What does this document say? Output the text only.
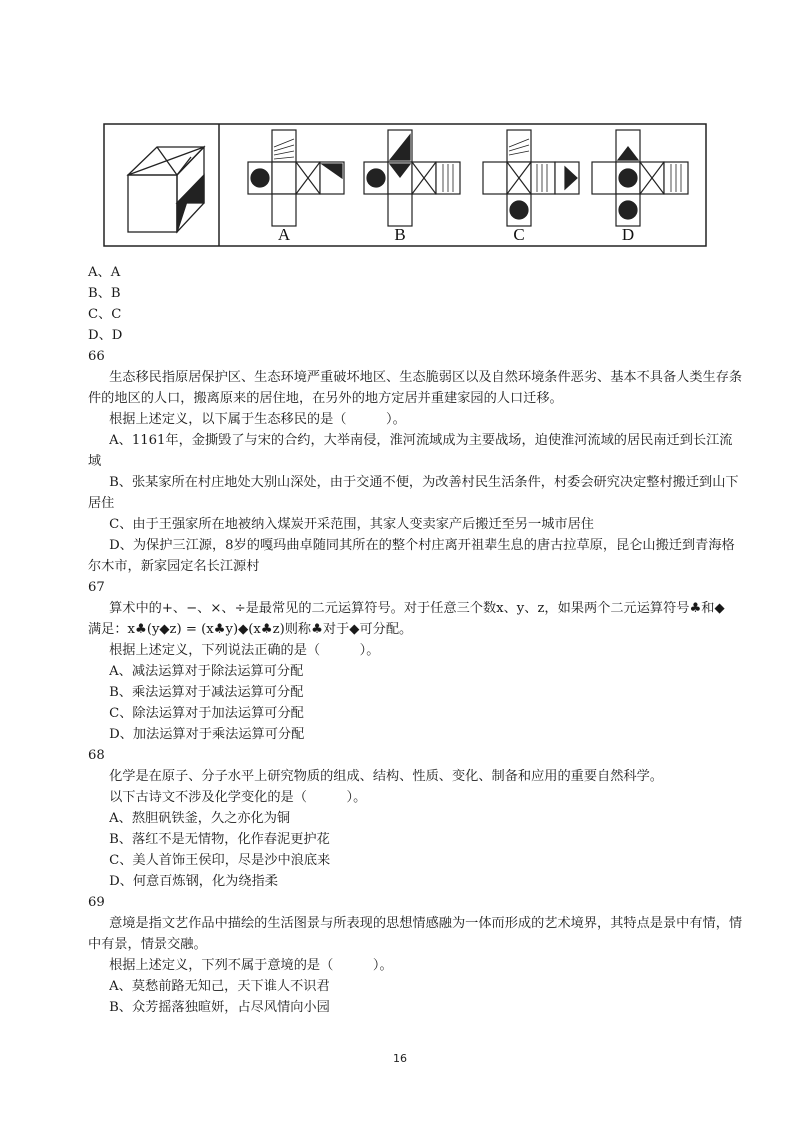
A	B	C	D

A、A

B、B

C、C

D、D

66

生态移民指原居保护区、生态环境严重破坏地区、生态脆弱区以及自然环境条件恶劣、基本不具备人类生存条件的地区的人口，搬离原来的居住地，在另外的地方定居并重建家园的人口迁移。

根据上述定义，以下属于生态移民的是（　　　）。

A、1161年，金撕毁了与宋的合约，大举南侵，淮河流域成为主要战场，迫使淮河流域的居民南迁到长江流域

B、张某家所在村庄地处大别山深处，由于交通不便，为改善村民生活条件，村委会研究决定整村搬迁到山下居住

C、由于王强家所在地被纳入煤炭开采范围，其家人变卖家产后搬迁至另一城市居住

D、为保护三江源，8岁的嘎玛曲卓随同其所在的整个村庄离开祖辈生息的唐古拉草原，昆仑山搬迁到青海格尔木市，新家园定名长江源村

67

算术中的+、−、×、÷是最常见的二元运算符号。对于任意三个数x、y、z，如果两个二元运算符号♣和◆

满足：x♣(y◆z) = (x♣y)◆(x♣z)则称♣对于◆可分配。

根据上述定义，下列说法正确的是（　　　）。

A、减法运算对于除法运算可分配

B、乘法运算对于减法运算可分配

C、除法运算对于加法运算可分配

D、加法运算对于乘法运算可分配

68

化学是在原子、分子水平上研究物质的组成、结构、性质、变化、制备和应用的重要自然科学。

以下古诗文不涉及化学变化的是（　　　）。

A、熬胆矾铁釜，久之亦化为铜

B、落红不是无情物，化作春泥更护花

C、美人首饰王侯印，尽是沙中浪底来

D、何意百炼钢，化为绕指柔

69

意境是指文艺作品中描绘的生活图景与所表现的思想情感融为一体而形成的艺术境界，其特点是景中有情，情中有景，情景交融。

根据上述定义，下列不属于意境的是（　　　）。

A、莫愁前路无知己，天下谁人不识君

B、众芳摇落独暄妍，占尽风情向小园

16
